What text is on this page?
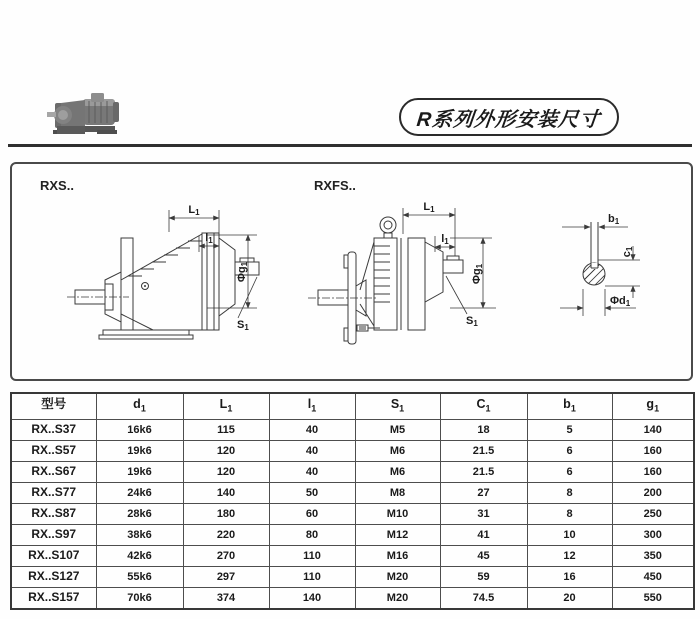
R系列外形安装尺寸
RXS..	RXFS..
L1
l1
Φg1
S1
L1
l1
Φg1
S1
b1
c1
Φd1
型号	$d_1$	$L_1$	$l_1$	$S_1$	$C_1$	$b_1$	$g_1$
RX..S37	16k6	115	40	M5	18	5	140
RX..S57	19k6	120	40	M6	21.5	6	160
RX..S67	19k6	120	40	M6	21.5	6	160
RX..S77	24k6	140	50	M8	27	8	200
RX..S87	28k6	180	60	M10	31	8	250
RX..S97	38k6	220	80	M12	41	10	300
RX..S107	42k6	270	110	M16	45	12	350
RX..S127	55k6	297	110	M20	59	16	450
RX..S157	70k6	374	140	M20	74.5	20	550
